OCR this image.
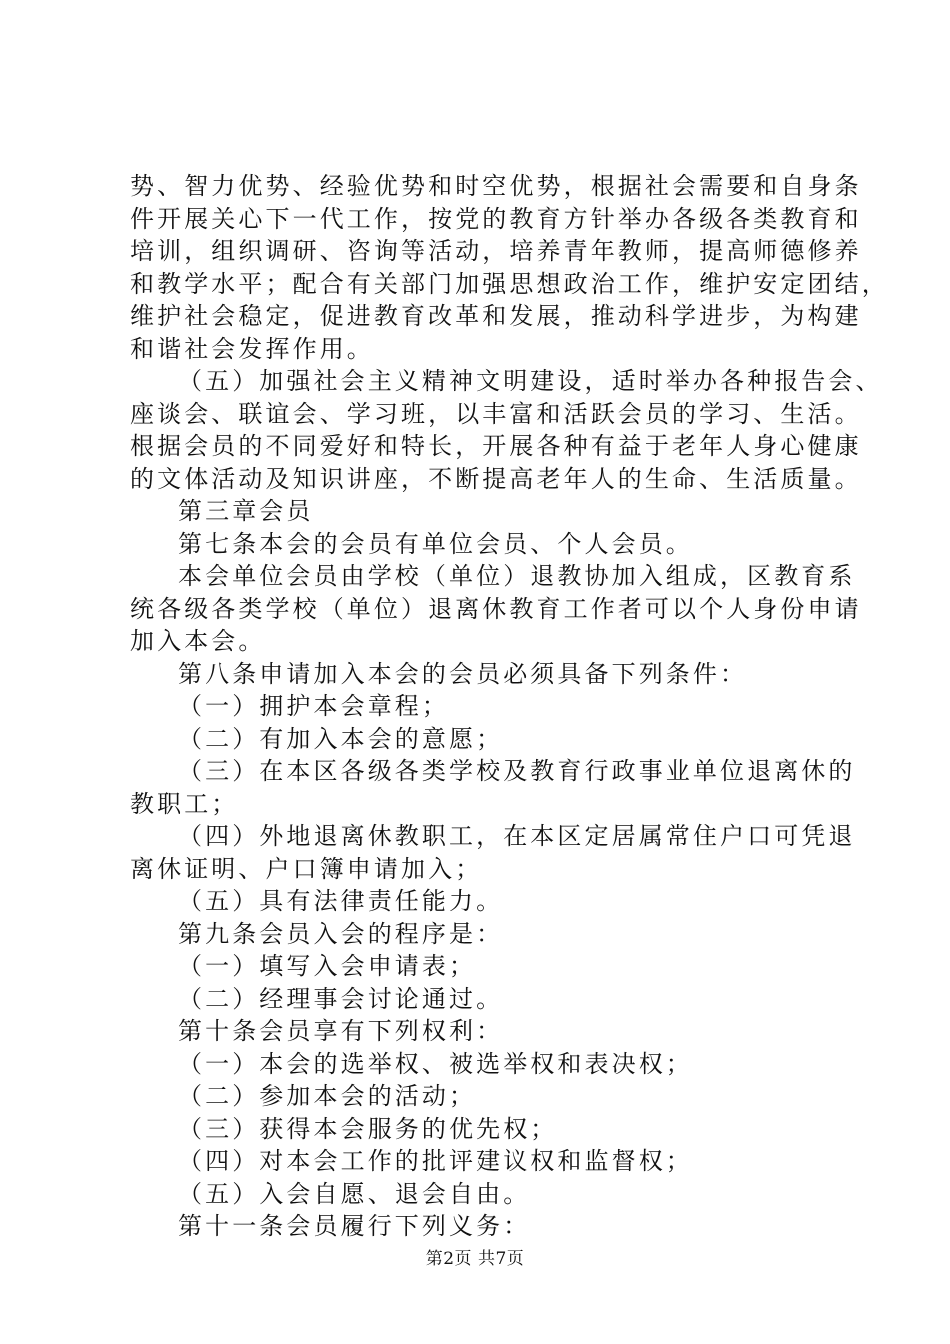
势、智力优势、经验优势和时空优势，根据社会需要和自身条
件开展关心下一代工作，按党的教育方针举办各级各类教育和
培训，组织调研、咨询等活动，培养青年教师，提高师德修养
和教学水平；配合有关部门加强思想政治工作，维护安定团结，
维护社会稳定，促进教育改革和发展，推动科学进步，为构建
和谐社会发挥作用。
（五）加强社会主义精神文明建设，适时举办各种报告会、
座谈会、联谊会、学习班，以丰富和活跃会员的学习、生活。
根据会员的不同爱好和特长，开展各种有益于老年人身心健康
的文体活动及知识讲座，不断提高老年人的生命、生活质量。
第三章会员
第七条本会的会员有单位会员、个人会员。
本会单位会员由学校（单位）退教协加入组成，区教育系
统各级各类学校（单位）退离休教育工作者可以个人身份申请
加入本会。
第八条申请加入本会的会员必须具备下列条件：
（一）拥护本会章程；
（二）有加入本会的意愿；
（三）在本区各级各类学校及教育行政事业单位退离休的
教职工；
（四）外地退离休教职工，在本区定居属常住户口可凭退
离休证明、户口簿申请加入；
（五）具有法律责任能力。
第九条会员入会的程序是：
（一）填写入会申请表；
（二）经理事会讨论通过。
第十条会员享有下列权利：
（一）本会的选举权、被选举权和表决权；
（二）参加本会的活动；
（三）获得本会服务的优先权；
（四）对本会工作的批评建议权和监督权；
（五）入会自愿、退会自由。
第十一条会员履行下列义务：
第2页 共7页
